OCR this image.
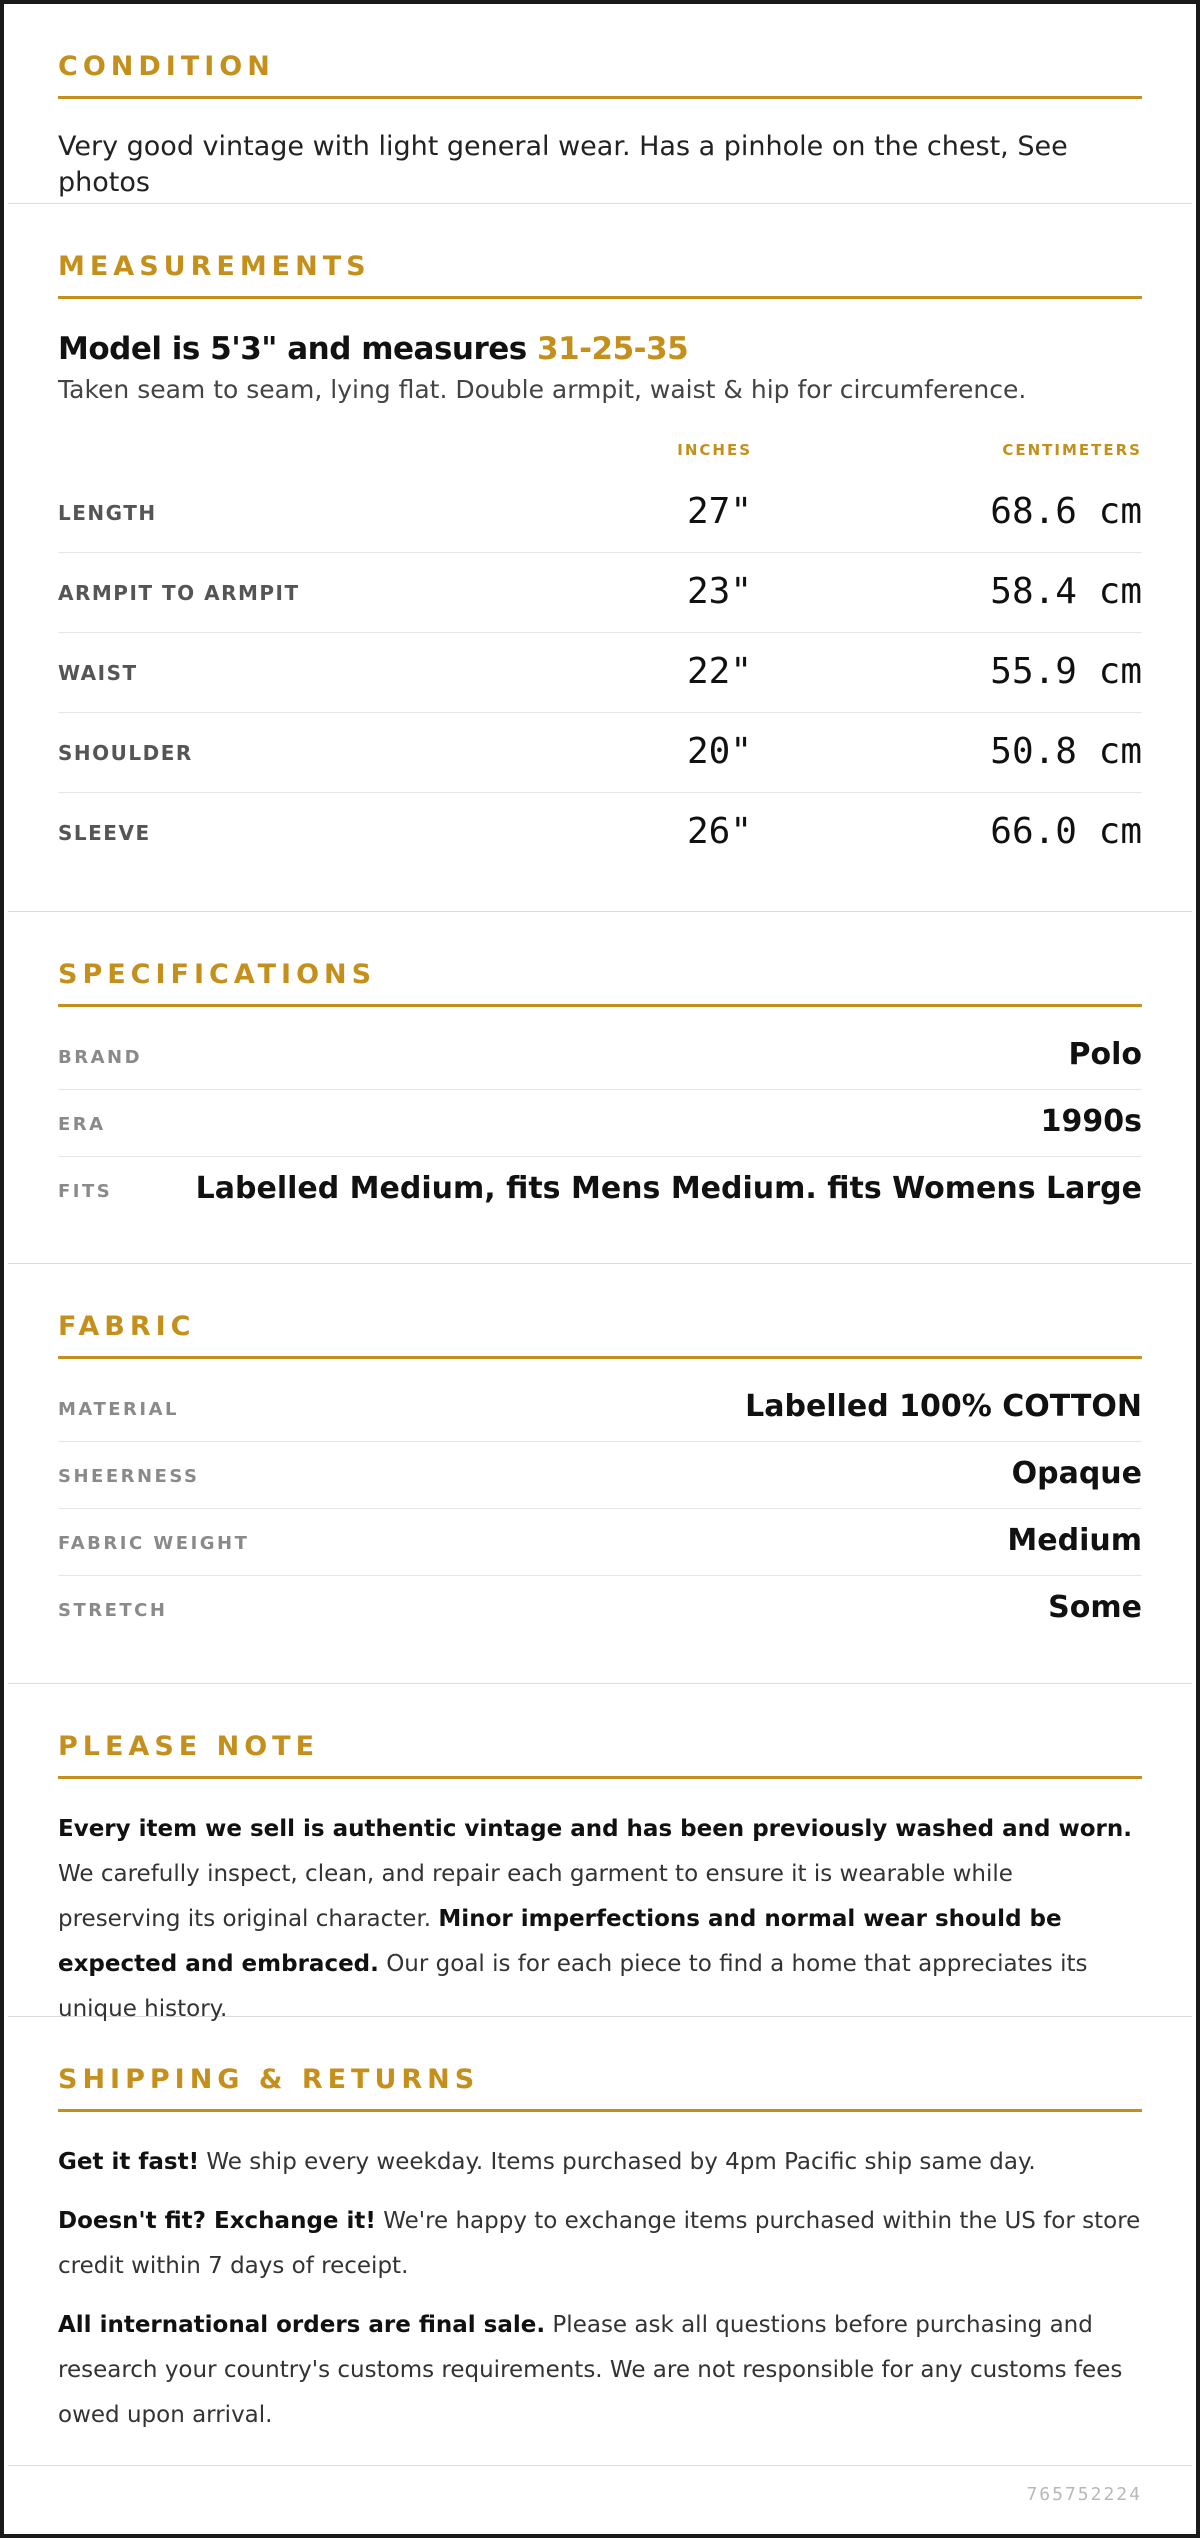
CONDITION
Very good vintage with light general wear. Has a pinhole on the chest, See photos
MEASUREMENTS
Model is 5'3" and measures 31-25-35
Taken seam to seam, lying flat. Double armpit, waist & hip for circumference.
INCHES	CENTIMETERS
LENGTH	27"	68.6 cm
ARMPIT TO ARMPIT	23"	58.4 cm
WAIST	22"	55.9 cm
SHOULDER	20"	50.8 cm
SLEEVE	26"	66.0 cm
SPECIFICATIONS
BRAND	Polo
ERA	1990s
FITS	Labelled Medium, fits Mens Medium. fits Womens Large
FABRIC
MATERIAL	Labelled 100% COTTON
SHEERNESS	Opaque
FABRIC WEIGHT	Medium
STRETCH	Some
PLEASE NOTE

Every item we sell is authentic vintage and has been previously washed and worn. We carefully inspect, clean, and repair each garment to ensure it is wearable while preserving its original character. Minor imperfections and normal wear should be expected and embraced. Our goal is for each piece to find a home that appreciates its unique history.

SHIPPING & RETURNS

Get it fast! We ship every weekday. Items purchased by 4pm Pacific ship same day.

Doesn't fit? Exchange it! We're happy to exchange items purchased within the US for store credit within 7 days of receipt.

All international orders are final sale. Please ask all questions before purchasing and research your country's customs requirements. We are not responsible for any customs fees owed upon arrival.

765752224
